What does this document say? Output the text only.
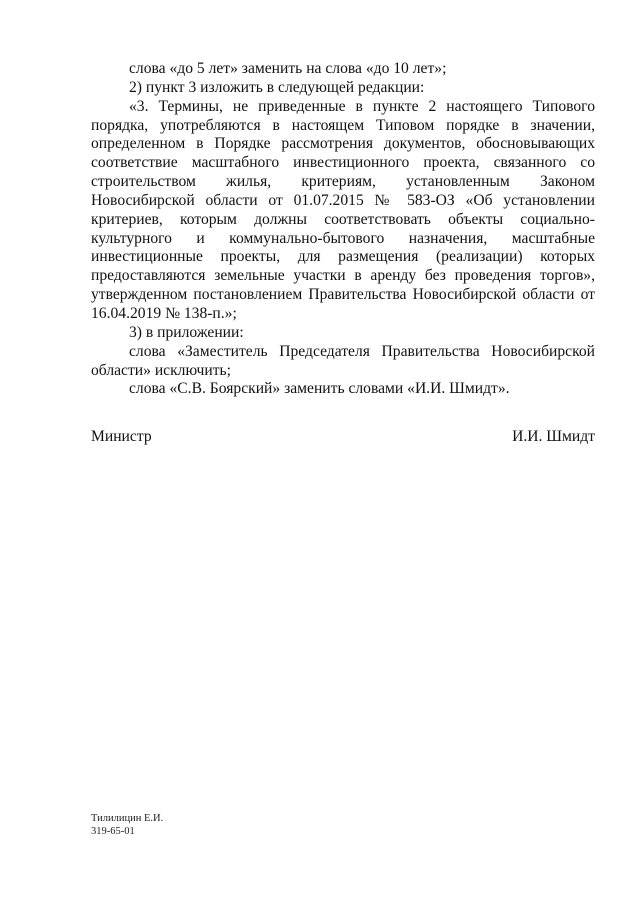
слова «до 5 лет» заменить на слова «до 10 лет»;

2) пункт 3 изложить в следующей редакции:

«3. Термины, не приведенные в пункте 2 настоящего Типового порядка, употребляются в настоящем Типовом порядке в значении, определенном в Порядке рассмотрения документов, обосновывающих соответствие масштабного инвестиционного проекта, связанного со строительством жилья, критериям, установленным Законом Новосибирской области от 01.07.2015 № 583-ОЗ «Об установлении критериев, которым должны соответствовать объекты социально-культурного и коммунально-бытового назначения, масштабные инвестиционные проекты, для размещения (реализации) которых предоставляются земельные участки в аренду без проведения торгов», утвержденном постановлением Правительства Новосибирской области от 16.04.2019 № 138-п.»;

3) в приложении:

слова «Заместитель Председателя Правительства Новосибирской области» исключить;

слова «С.В. Боярский» заменить словами «И.И. Шмидт».

Министр	И.И. Шмидт
Тилилицин Е.И.
319-65-01
